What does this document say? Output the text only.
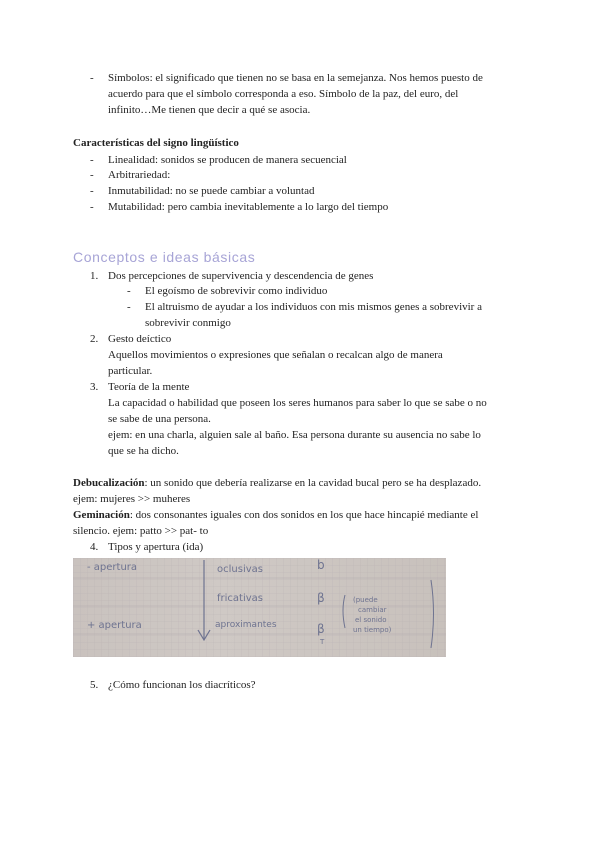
- Símbolos: el significado que tienen no se basa en la semejanza. Nos hemos puesto de
acuerdo para que el símbolo corresponda a eso. Símbolo de la paz, del euro, del
infinito…Me tienen que decir a qué se asocia.
Características del signo lingüístico
- Linealidad: sonidos se producen de manera secuencial
- Arbitrariedad:
- Inmutabilidad: no se puede cambiar a voluntad
- Mutabilidad: pero cambia inevitablemente a lo largo del tiempo
Conceptos e ideas básicas
1. Dos percepciones de supervivencia y descendencia de genes
- El egoísmo de sobrevivir como individuo
- El altruismo de ayudar a los individuos con mis mismos genes a sobrevivir a
sobrevivir conmigo
2. Gesto deíctico
Aquellos movimientos o expresiones que señalan o recalcan algo de manera
particular.
3. Teoría de la mente
La capacidad o habilidad que poseen los seres humanos para saber lo que se sabe o no
se sabe de una persona.
ejem: en una charla, alguien sale al baño. Esa persona durante su ausencia no sabe lo
que se ha dicho.
Debucalización: un sonido que debería realizarse en la cavidad bucal pero se ha desplazado.
ejem: mujeres >> muheres
Geminación: dos consonantes iguales con dos sonidos en los que hace hincapié mediante el
silencio. ejem: patto >> pat- to
4. Tipos y apertura (ida)
- apertura
+ apertura
oclusivas
fricativas
aproximantes
b
β
β
T
(puede
cambiar
el sonido
un tiempo)
5. ¿Cómo funcionan los diacríticos?
